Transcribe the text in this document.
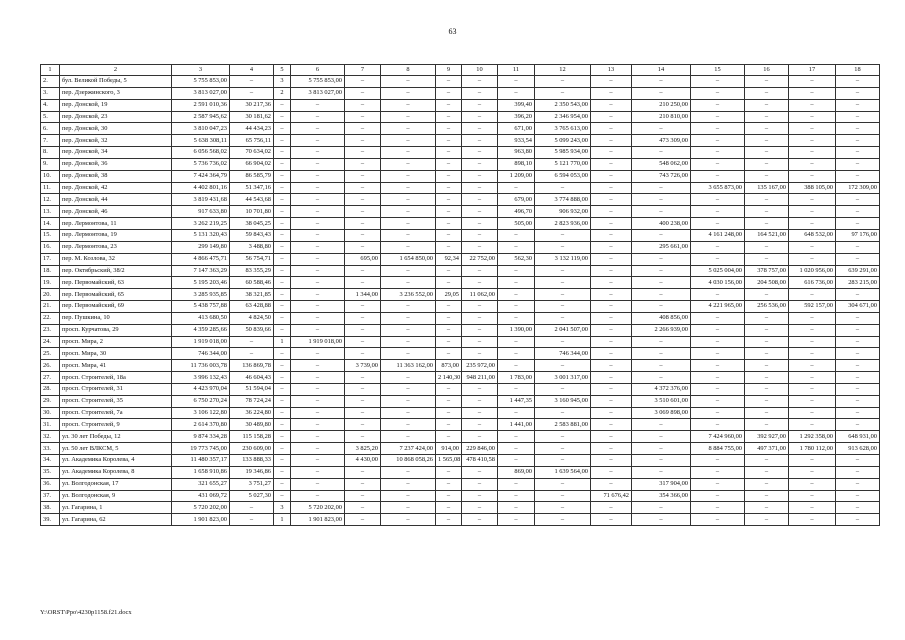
63
1	2	3	4	5	6	7	8	9	10	11	12	13	14	15	16	17	18
2.	бул. Великой Победы, 5	5 755 853,00	–	3	5 755 853,00	–	–	–	–	–	–	–	–	–	–	–	–
3.	пер. Дзержинского, 3	3 813 027,00	–	2	3 813 027,00	–	–	–	–	–	–	–	–	–	–	–	–
4.	пер. Донской, 19	2 591 010,36	30 217,36	–	–	–	–	–	–	399,40	2 350 543,00	–	210 250,00	–	–	–	–
5.	пер. Донской, 23	2 587 945,62	30 181,62	–	–	–	–	–	–	396,20	2 346 954,00	–	210 810,00	–	–	–	–
6.	пер. Донской, 30	3 810 047,23	44 434,23	–	–	–	–	–	–	671,00	3 765 613,00	–	–	–	–	–	–
7.	пер. Донской, 32	5 638 308,11	65 756,11	–	–	–	–	–	–	933,54	5 099 243,00	–	473 309,00	–	–	–	–
8.	пер. Донской, 34	6 056 568,02	70 634,02	–	–	–	–	–	–	963,80	5 985 934,00	–	–	–	–	–	–
9.	пер. Донской, 36	5 736 736,02	66 904,02	–	–	–	–	–	–	898,10	5 121 770,00	–	548 062,00	–	–	–	–
10.	пер. Донской, 38	7 424 364,79	86 585,79	–	–	–	–	–	–	1 209,00	6 594 053,00	–	743 726,00	–	–	–	–
11.	пер. Донской, 42	4 402 801,16	51 347,16	–	–	–	–	–	–	–	–	–	–	3 655 873,00	135 167,00	388 105,00	172 309,00
12.	пер. Донской, 44	3 819 431,68	44 543,68	–	–	–	–	–	–	679,00	3 774 888,00	–	–	–	–	–	–
13.	пер. Донской, 46	917 633,80	10 701,80	–	–	–	–	–	–	496,70	906 932,00	–	–	–	–	–	–
14.	пер. Лермонтова, 11	3 262 219,25	38 045,25	–	–	–	–	–	–	505,00	2 823 936,00	–	400 238,00	–	–	–	–
15.	пер. Лермонтова, 19	5 131 320,43	59 843,43	–	–	–	–	–	–	–	–	–	–	4 161 248,00	164 521,00	648 532,00	97 176,00
16.	пер. Лермонтова, 23	299 149,80	3 488,80	–	–	–	–	–	–	–	–	–	295 661,00	–	–	–	–
17.	пер. М. Козлова, 32	4 866 475,71	56 754,71	–	–	695,00	1 654 850,00	92,34	22 752,00	562,30	3 132 119,00	–	–	–	–	–	–
18.	пер. Октябрьский, 38/2	7 147 363,29	83 355,29	–	–	–	–	–	–	–	–	–	–	5 025 004,00	378 757,00	1 020 956,00	639 291,00
19.	пер. Первомайский, 63	5 195 203,46	60 588,46	–	–	–	–	–	–	–	–	–	–	4 030 156,00	204 508,00	616 736,00	283 215,00
20.	пер. Первомайский, 65	3 285 935,85	38 321,85	–	–	1 344,00	3 236 552,00	29,05	11 062,00	–	–	–	–	–	–	–	–
21.	пер. Первомайский, 69	5 438 757,88	63 428,88	–	–	–	–	–	–	–	–	–	–	4 221 965,00	256 536,00	592 157,00	304 671,00
22.	пер. Пушкина, 10	413 680,50	4 824,50	–	–	–	–	–	–	–	–	–	408 856,00	–	–	–	–
23.	просп. Курчатова, 29	4 359 285,66	50 839,66	–	–	–	–	–	–	1 390,00	2 041 507,00	–	2 266 939,00	–	–	–	–
24.	просп. Мира, 2	1 919 018,00	–	1	1 919 018,00	–	–	–	–	–	–	–	–	–	–	–	–
25.	просп. Мира, 30	746 344,00	–	–	–	–	–	–	–	–	746 344,00	–	–	–	–	–	–
26.	просп. Мира, 41	11 736 003,78	136 869,78	–	–	3 739,00	11 363 162,00	873,00	235 972,00	–	–	–	–	–	–	–	–
27.	просп. Строителей, 18а	3 996 132,43	46 604,43	–	–	–	–	2 140,30	948 211,00	1 783,00	3 001 317,00	–	–	–	–	–	–
28.	просп. Строителей, 31	4 423 970,04	51 594,04	–	–	–	–	–	–	–	–	–	4 372 376,00	–	–	–	–
29.	просп. Строителей, 35	6 750 270,24	78 724,24	–	–	–	–	–	–	1 447,35	3 160 945,00	–	3 510 601,00	–	–	–	–
30.	просп. Строителей, 7а	3 106 122,80	36 224,80	–	–	–	–	–	–	–	–	–	3 069 898,00	–	–	–	–
31.	просп. Строителей, 9	2 614 370,80	30 489,80	–	–	–	–	–	–	1 441,00	2 583 881,00	–	–	–	–	–	–
32.	ул. 30 лет Победы, 12	9 874 334,28	115 158,28	–	–	–	–	–	–	–	–	–	–	7 424 960,00	392 927,00	1 292 358,00	648 931,00
33.	ул. 50 лет ВЛКСМ, 5	19 773 745,00	230 609,00	–	–	3 825,20	7 237 424,00	914,00	229 846,00	–	–	–	–	8 884 755,00	497 371,00	1 780 112,00	913 628,00
34.	ул. Академика Королева, 4	11 480 357,17	133 888,33	–	–	4 430,00	10 868 058,26	1 565,08	478 410,58	–	–	–	–	–	–	–	–
35.	ул. Академика Королева, 8	1 658 910,86	19 346,86	–	–	–	–	–	–	869,00	1 639 564,00	–	–	–	–	–	–
36.	ул. Волгодонская, 17	321 655,27	3 751,27	–	–	–	–	–	–	–	–	–	317 904,00	–	–	–	–
37.	ул. Волгодонская, 9	431 069,72	5 027,30	–	–	–	–	–	–	–	–	71 676,42	354 366,00	–	–	–	–
38.	ул. Гагарина, 1	5 720 202,00	–	3	5 720 202,00	–	–	–	–	–	–	–	–	–	–	–	–
39.	ул. Гагарина, 62	1 901 823,00	–	1	1 901 823,00	–	–	–	–	–	–	–	–	–	–	–	–
Y:\ORST\Ppo\4230p1158.f21.docx
